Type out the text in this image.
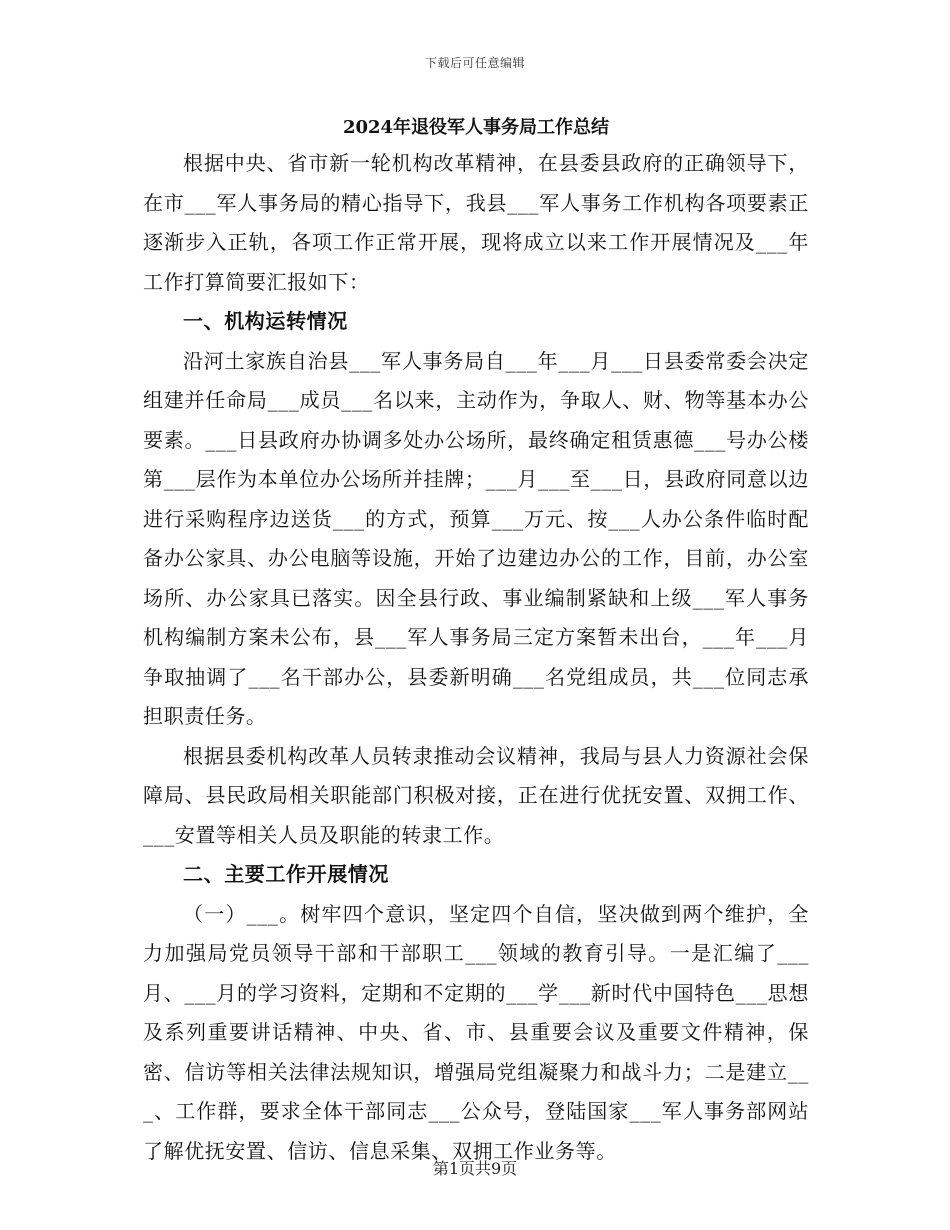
下载后可任意编辑
2024年退役军人事务局工作总结

根据中央、省市新一轮机构改革精神，在县委县政府的正确领导下，在市___军人事务局的精心指导下，我县___军人事务工作机构各项要素正逐渐步入正轨，各项工作正常开展，现将成立以来工作开展情况及___年工作打算简要汇报如下：

一、机构运转情况

沿河土家族自治县___军人事务局自___年___月___日县委常委会决定组建并任命局___成员___名以来，主动作为，争取人、财、物等基本办公要素。___日县政府办协调多处办公场所，最终确定租赁惠德___号办公楼第___层作为本单位办公场所并挂牌；___月___至___日，县政府同意以边进行采购程序边送货___的方式，预算___万元、按___人办公条件临时配备办公家具、办公电脑等设施，开始了边建边办公的工作，目前，办公室场所、办公家具已落实。因全县行政、事业编制紧缺和上级___军人事务机构编制方案未公布，县___军人事务局三定方案暂未出台，___年___月争取抽调了___名干部办公，县委新明确___名党组成员，共___位同志承担职责任务。

根据县委机构改革人员转隶推动会议精神，我局与县人力资源社会保障局、县民政局相关职能部门积极对接，正在进行优抚安置、双拥工作、___安置等相关人员及职能的转隶工作。

二、主要工作开展情况

（一）___。树牢四个意识，坚定四个自信，坚决做到两个维护，全力加强局党员领导干部和干部职工___领域的教育引导。一是汇编了___月、___月的学习资料，定期和不定期的___学___新时代中国特色___思想及系列重要讲话精神、中央、省、市、县重要会议及重要文件精神，保密、信访等相关法律法规知识，增强局党组凝聚力和战斗力；二是建立___、工作群，要求全体干部同志___公众号，登陆国家___军人事务部网站了解优抚安置、信访、信息采集、双拥工作业务等。

第1页共9页
